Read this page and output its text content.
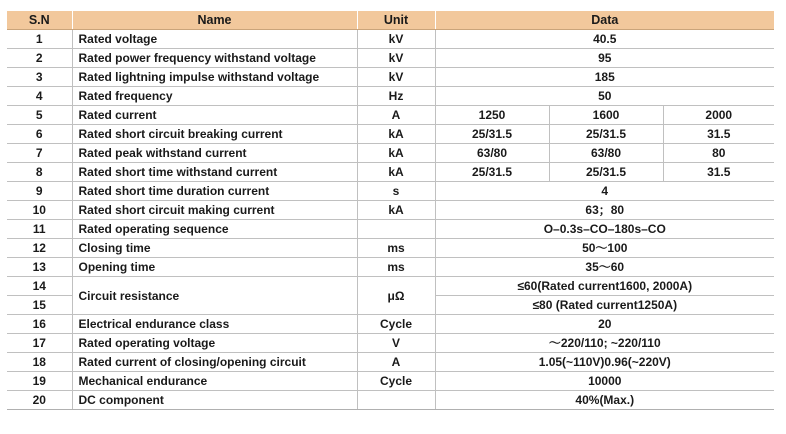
S.N	Name	Unit	Data		
1	Rated voltage	kV	40.5		
2	Rated power frequency withstand voltage	kV	95		
3	Rated lightning impulse withstand voltage	kV	185		
4	Rated frequency	Hz	50		
5	Rated current	A	1250	1600	2000
6	Rated short circuit breaking current	kA	25/31.5	25/31.5	31.5
7	Rated peak withstand current	kA	63/80	63/80	80
8	Rated short time withstand current	kA	25/31.5	25/31.5	31.5
9	Rated short time duration current	s	4		
10	Rated short circuit making current	kA	63；80		
11	Rated operating sequence		O–0.3s–CO–180s–CO		
12	Closing time	ms	50～100		
13	Opening time	ms	35～60		
14	Circuit resistance	μΩ	≤60(Rated current1600, 2000A)		
15			≤80 (Rated current1250A)		
16	Electrical endurance class	Cycle	20		
17	Rated operating voltage	V	～220/110; ~220/110		
18	Rated current of closing/opening circuit	A	1.05(~110V)0.96(~220V)		
19	Mechanical endurance	Cycle	10000		
20	DC component		40%(Max.)		
